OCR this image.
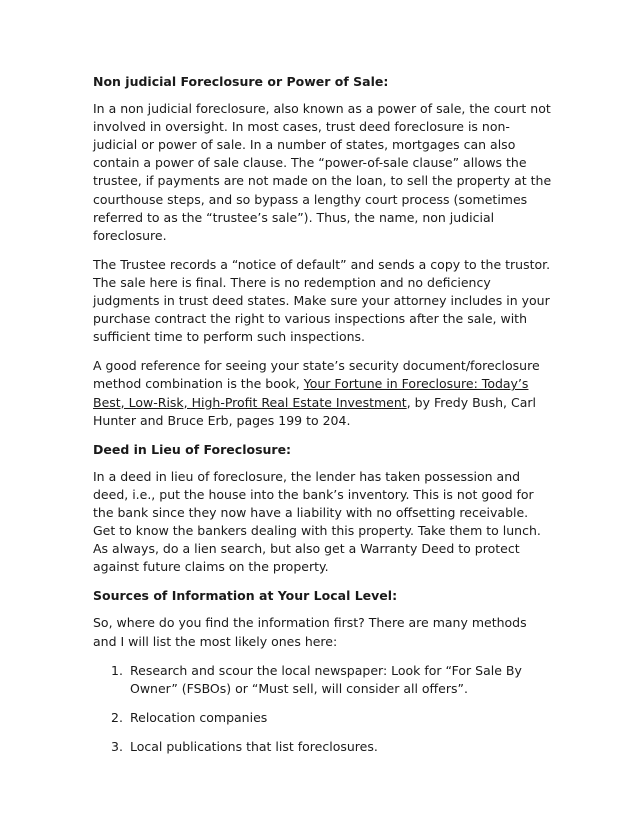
Non judicial Foreclosure or Power of Sale:

In a non judicial foreclosure, also known as a power of sale, the court not involved in oversight. In most cases, trust deed foreclosure is non-judicial or power of sale. In a number of states, mortgages can also contain a power of sale clause. The “power-of-sale clause” allows the trustee, if payments are not made on the loan, to sell the property at the courthouse steps, and so bypass a lengthy court process (sometimes referred to as the “trustee’s sale”). Thus, the name, non judicial foreclosure.

The Trustee records a “notice of default” and sends a copy to the trustor. The sale here is final. There is no redemption and no deficiency judgments in trust deed states. Make sure your attorney includes in your purchase contract the right to various inspections after the sale, with sufficient time to perform such inspections.

A good reference for seeing your state’s security document/foreclosure method combination is the book, Your Fortune in Foreclosure: Today’s Best, Low-Risk, High-Profit Real Estate Investment, by Fredy Bush, Carl Hunter and Bruce Erb, pages 199 to 204.

Deed in Lieu of Foreclosure:

In a deed in lieu of foreclosure, the lender has taken possession and deed, i.e., put the house into the bank’s inventory. This is not good for the bank since they now have a liability with no offsetting receivable. Get to know the bankers dealing with this property. Take them to lunch. As always, do a lien search, but also get a Warranty Deed to protect against future claims on the property.

Sources of Information at Your Local Level:

So, where do you find the information first? There are many methods and I will list the most likely ones here:

1. Research and scour the local newspaper: Look for “For Sale By Owner” (FSBOs) or “Must sell, will consider all offers”.
2. Relocation companies
3. Local publications that list foreclosures.
